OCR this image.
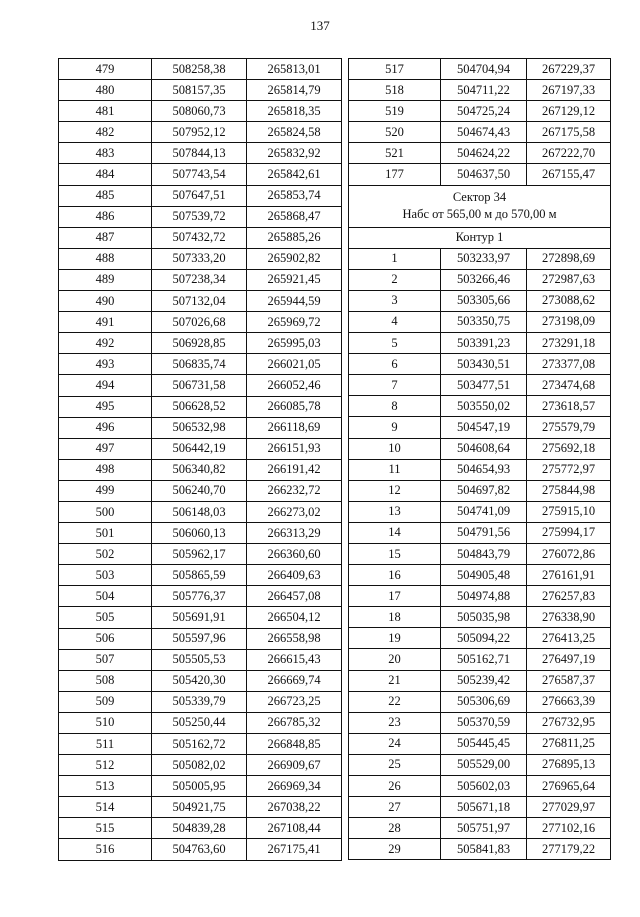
137
479	508258,38	265813,01
480	508157,35	265814,79
481	508060,73	265818,35
482	507952,12	265824,58
483	507844,13	265832,92
484	507743,54	265842,61
485	507647,51	265853,74
486	507539,72	265868,47
487	507432,72	265885,26
488	507333,20	265902,82
489	507238,34	265921,45
490	507132,04	265944,59
491	507026,68	265969,72
492	506928,85	265995,03
493	506835,74	266021,05
494	506731,58	266052,46
495	506628,52	266085,78
496	506532,98	266118,69
497	506442,19	266151,93
498	506340,82	266191,42
499	506240,70	266232,72
500	506148,03	266273,02
501	506060,13	266313,29
502	505962,17	266360,60
503	505865,59	266409,63
504	505776,37	266457,08
505	505691,91	266504,12
506	505597,96	266558,98
507	505505,53	266615,43
508	505420,30	266669,74
509	505339,79	266723,25
510	505250,44	266785,32
511	505162,72	266848,85
512	505082,02	266909,67
513	505005,95	266969,34
514	504921,75	267038,22
515	504839,28	267108,44
516	504763,60	267175,41
517	504704,94	267229,37
518	504711,22	267197,33
519	504725,24	267129,12
520	504674,43	267175,58
521	504624,22	267222,70
177	504637,50	267155,47

Сектор 34
Набс от 565,00 м до 570,00 м		

Контур 1		
1	503233,97	272898,69
2	503266,46	272987,63
3	503305,66	273088,62
4	503350,75	273198,09
5	503391,23	273291,18
6	503430,51	273377,08
7	503477,51	273474,68
8	503550,02	273618,57
9	504547,19	275579,79
10	504608,64	275692,18
11	504654,93	275772,97
12	504697,82	275844,98
13	504741,09	275915,10
14	504791,56	275994,17
15	504843,79	276072,86
16	504905,48	276161,91
17	504974,88	276257,83
18	505035,98	276338,90
19	505094,22	276413,25
20	505162,71	276497,19
21	505239,42	276587,37
22	505306,69	276663,39
23	505370,59	276732,95
24	505445,45	276811,25
25	505529,00	276895,13
26	505602,03	276965,64
27	505671,18	277029,97
28	505751,97	277102,16
29	505841,83	277179,22
